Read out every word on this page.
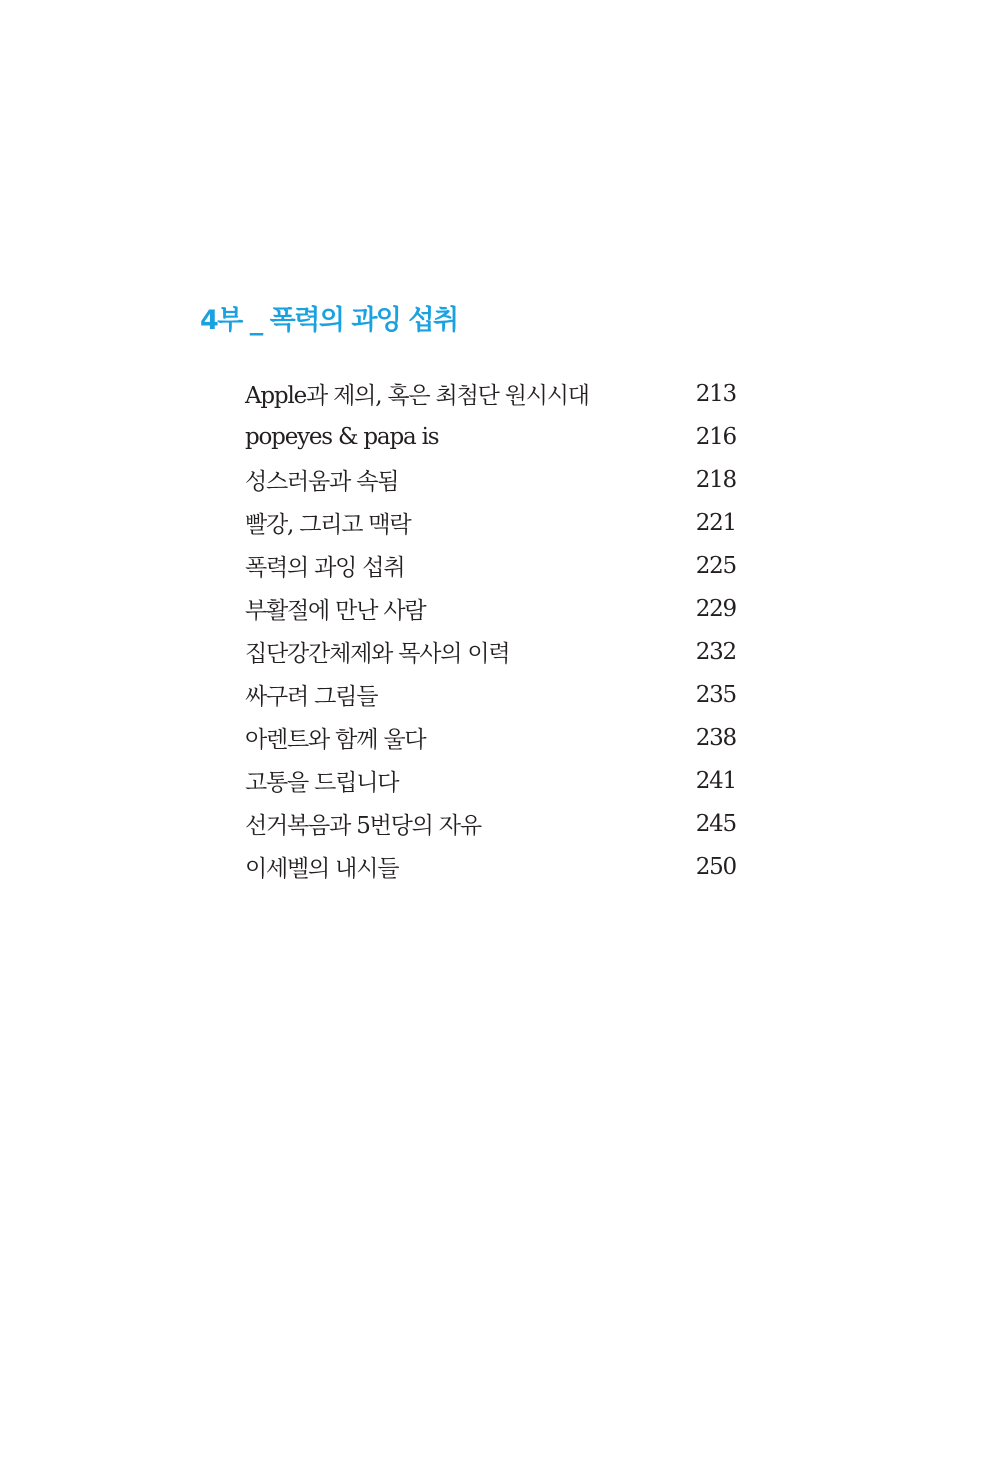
4부 _ 폭력의 과잉 섭취
Apple과 제의, 혹은 최첨단 원시시대	213
popeyes & papa is	216
성스러움과 속됨	218
빨강, 그리고 맥락	221
폭력의 과잉 섭취	225
부활절에 만난 사람	229
집단강간체제와 목사의 이력	232
싸구려 그림들	235
아렌트와 함께 울다	238
고통을 드립니다	241
선거복음과 5번당의 자유	245
이세벨의 내시들	250
